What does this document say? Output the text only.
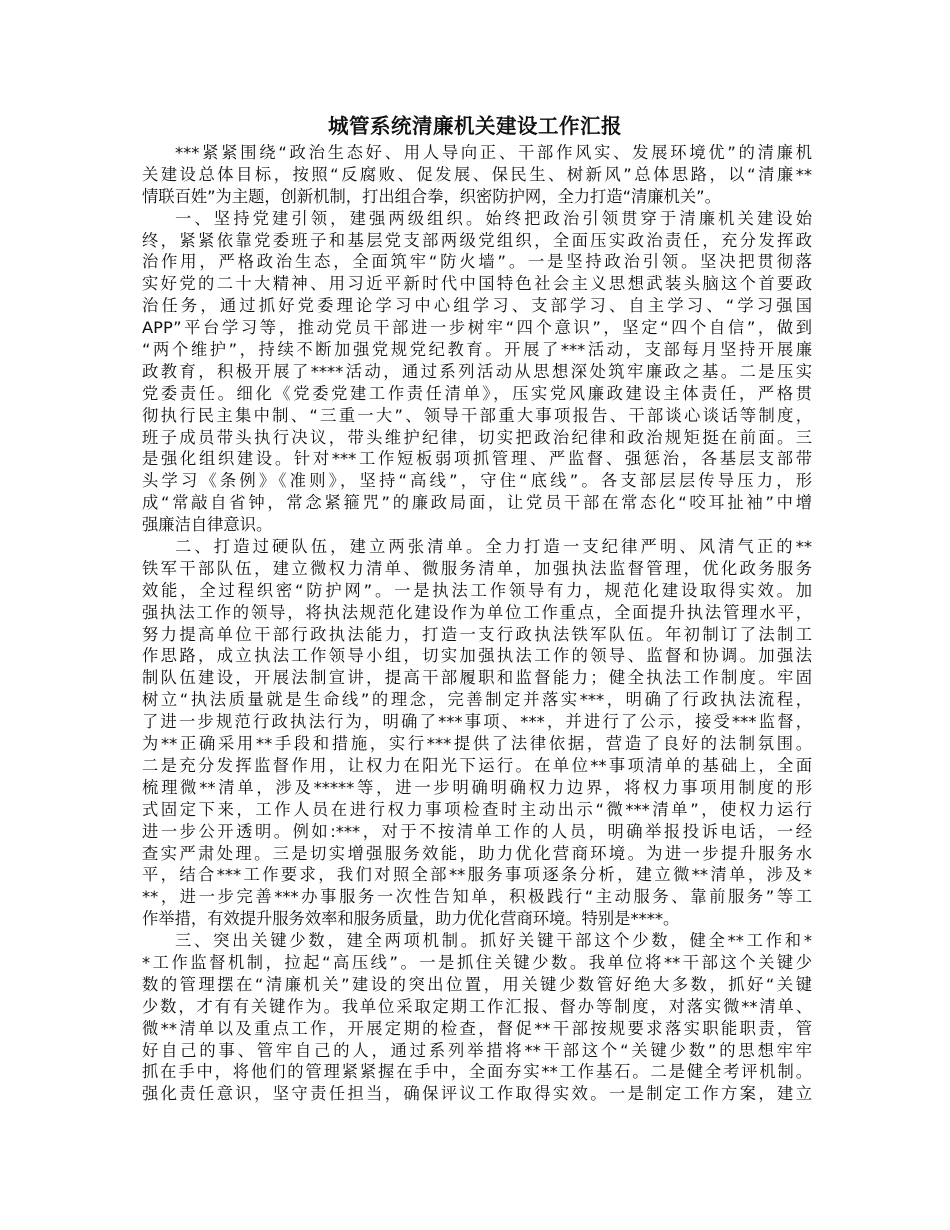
城管系统清廉机关建设工作汇报
***紧紧围绕“政治生态好、用人导向正、干部作风实、发展环境优”的清廉机
关建设总体目标，按照“反腐败、促发展、保民生、树新风”总体思路，以“清廉**
情联百姓”为主题，创新机制，打出组合拳，织密防护网，全力打造“清廉机关”。
一、坚持党建引领，建强两级组织。始终把政治引领贯穿于清廉机关建设始
终，紧紧依靠党委班子和基层党支部两级党组织，全面压实政治责任，充分发挥政
治作用，严格政治生态，全面筑牢“防火墙”。一是坚持政治引领。坚决把贯彻落
实好党的二十大精神、用习近平新时代中国特色社会主义思想武装头脑这个首要政
治任务，通过抓好党委理论学习中心组学习、支部学习、自主学习、“学习强国
APP”平台学习等，推动党员干部进一步树牢“四个意识”，坚定“四个自信”，做到
“两个维护”，持续不断加强党规党纪教育。开展了***活动，支部每月坚持开展廉
政教育，积极开展了****活动，通过系列活动从思想深处筑牢廉政之基。二是压实
党委责任。细化《党委党建工作责任清单》，压实党风廉政建设主体责任，严格贯
彻执行民主集中制、“三重一大”、领导干部重大事项报告、干部谈心谈话等制度，
班子成员带头执行决议，带头维护纪律，切实把政治纪律和政治规矩挺在前面。三
是强化组织建设。针对***工作短板弱项抓管理、严监督、强惩治，各基层支部带
头学习《条例》《准则》，坚持“高线”，守住“底线”。各支部层层传导压力，形
成“常敲自省钟，常念紧箍咒”的廉政局面，让党员干部在常态化“咬耳扯袖”中增
强廉洁自律意识。
二、打造过硬队伍，建立两张清单。全力打造一支纪律严明、风清气正的**
铁军干部队伍，建立微权力清单、微服务清单，加强执法监督管理，优化政务服务
效能，全过程织密“防护网”。一是执法工作领导有力，规范化建设取得实效。加
强执法工作的领导，将执法规范化建设作为单位工作重点，全面提升执法管理水平，
努力提高单位干部行政执法能力，打造一支行政执法铁军队伍。年初制订了法制工
作思路，成立执法工作领导小组，切实加强执法工作的领导、监督和协调。加强法
制队伍建设，开展法制宣讲，提高干部履职和监督能力；健全执法工作制度。牢固
树立“执法质量就是生命线”的理念，完善制定并落实***，明确了行政执法流程，
了进一步规范行政执法行为，明确了***事项、***，并进行了公示，接受***监督，
为**正确采用**手段和措施，实行***提供了法律依据，营造了良好的法制氛围。
二是充分发挥监督作用，让权力在阳光下运行。在单位**事项清单的基础上，全面
梳理微**清单，涉及*****等，进一步明确明确权力边界，将权力事项用制度的形
式固定下来，工作人员在进行权力事项检查时主动出示“微***清单”，使权力运行
进一步公开透明。例如:***，对于不按清单工作的人员，明确举报投诉电话，一经
查实严肃处理。三是切实增强服务效能，助力优化营商环境。为进一步提升服务水
平，结合***工作要求，我们对照全部**服务事项逐条分析，建立微**清单，涉及*
**，进一步完善***办事服务一次性告知单，积极践行“主动服务、靠前服务”等工
作举措，有效提升服务效率和服务质量，助力优化营商环境。特别是****。
三、突出关键少数，建全两项机制。抓好关键干部这个少数，健全**工作和*
*工作监督机制，拉起“高压线”。一是抓住关键少数。我单位将**干部这个关键少
数的管理摆在“清廉机关”建设的突出位置，用关键少数管好绝大多数，抓好“关键
少数，才有有关键作为。我单位采取定期工作汇报、督办等制度，对落实微**清单、
微**清单以及重点工作，开展定期的检查，督促**干部按规要求落实职能职责，管
好自己的事、管牢自己的人，通过系列举措将**干部这个“关键少数”的思想牢牢
抓在手中，将他们的管理紧紧握在手中，全面夯实**工作基石。二是健全考评机制。
强化责任意识，坚守责任担当，确保评议工作取得实效。一是制定工作方案，建立
